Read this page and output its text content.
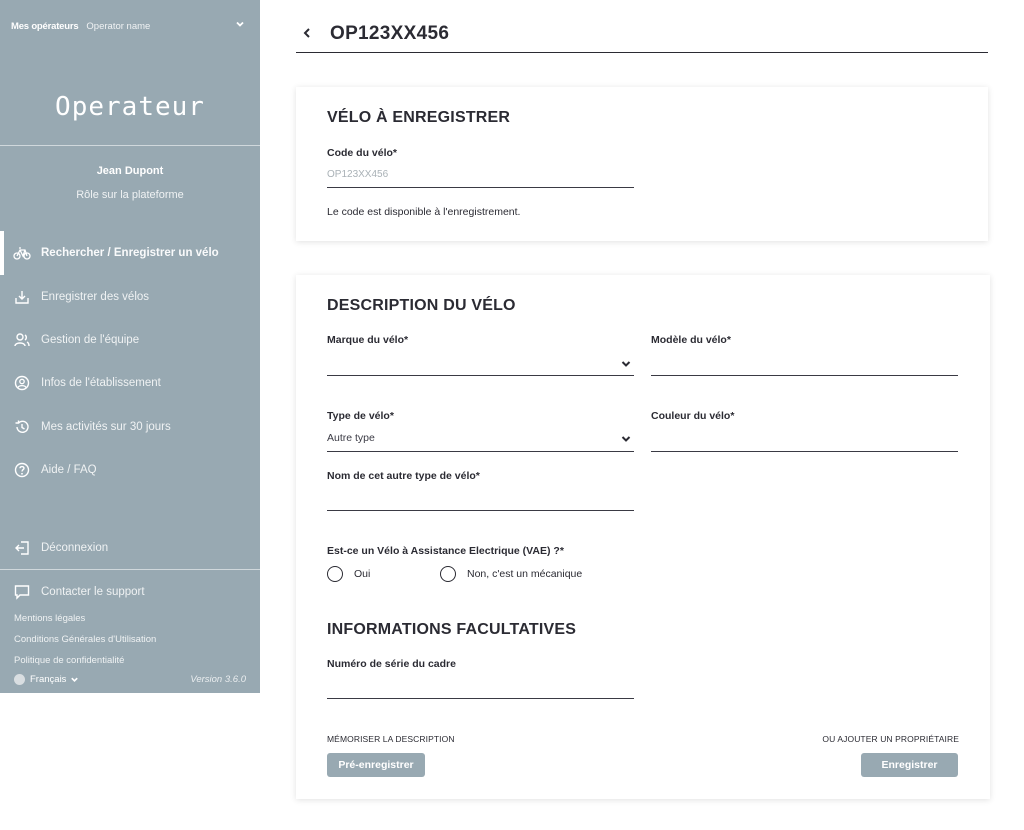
Mes opérateurs Operator name
Operateur
Jean Dupont
Rôle sur la plateforme
Rechercher / Enregistrer un vélo
Enregistrer des vélos
Gestion de l'équipe
Infos de l'établissement
Mes activités sur 30 jours
Aide / FAQ
Déconnexion
Contacter le support
Mentions légales
Conditions Générales d'Utilisation
Politique de confidentialité
Français	Version 3.6.0
OP123XX456
VÉLO À ENREGISTRER
Code du vélo*
OP123XX456
Le code est disponible à l'enregistrement.
DESCRIPTION DU VÉLO
Marque du vélo*	Modèle du vélo*
Type de vélo*
Autre type
Couleur du vélo*
Nom de cet autre type de vélo*
Est-ce un Vélo à Assistance Electrique (VAE) ?*
Oui	Non, c'est un mécanique
INFORMATIONS FACULTATIVES
Numéro de série du cadre
MÉMORISER LA DESCRIPTION
Pré-enregistrer
OU AJOUTER UN PROPRIÉTAIRE
Enregistrer
